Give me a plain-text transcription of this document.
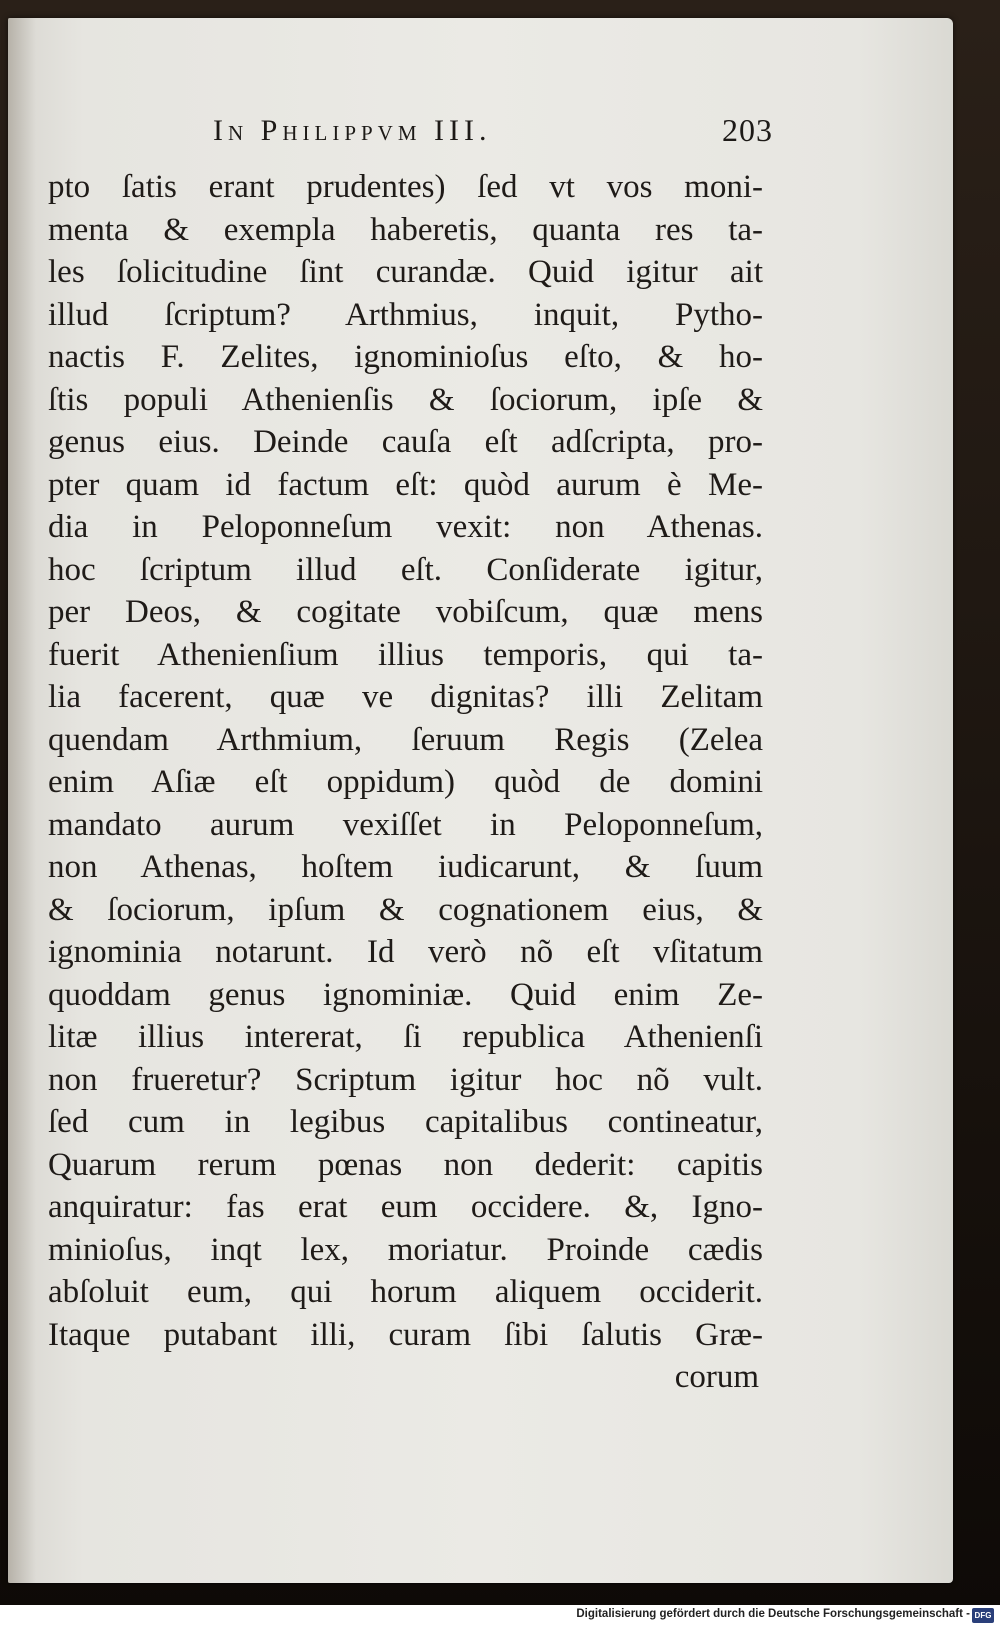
In Philippvm III.	203
pto ſatis erant prudentes) ſed vt vos moni-
menta & exempla haberetis, quanta res ta-
les ſolicitudine ſint curandæ. Quid igitur ait
illud ſcriptum? Arthmius, inquit, Pytho-
nactis F. Zelites, ignominioſus eſto, & ho-
ſtis populi Athenienſis & ſociorum, ipſe &
genus eius. Deinde cauſa eſt adſcripta, pro-
pter quam id factum eſt: quòd aurum è Me-
dia in Peloponneſum vexit: non Athenas.
hoc ſcriptum illud eſt. Conſiderate igitur,
per Deos, & cogitate vobiſcum, quæ mens
fuerit Athenienſium illius temporis, qui ta-
lia facerent, quæ ve dignitas? illi Zelitam
quendam Arthmium, ſeruum Regis (Zelea
enim Aſiæ eſt oppidum) quòd de domini
mandato aurum vexiſſet in Peloponneſum,
non Athenas, hoſtem iudicarunt, & ſuum
& ſociorum, ipſum & cognationem eius, &
ignominia notarunt. Id verò nõ eſt vſitatum
quoddam genus ignominiæ. Quid enim Ze-
litæ illius intererat, ſi republica Athenienſi
non frueretur? Scriptum igitur hoc nõ vult.
ſed cum in legibus capitalibus contineatur,
Quarum rerum pœnas non dederit: capitis
anquiratur: fas erat eum occidere. &, Igno-
minioſus, inqt lex, moriatur. Proinde cædis
abſoluit eum, qui horum aliquem occiderit.
Itaque putabant illi, curam ſibi ſalutis Græ-
corum
Digitalisierung gefördert durch die Deutsche Forschungsgemeinschaft - DFG
